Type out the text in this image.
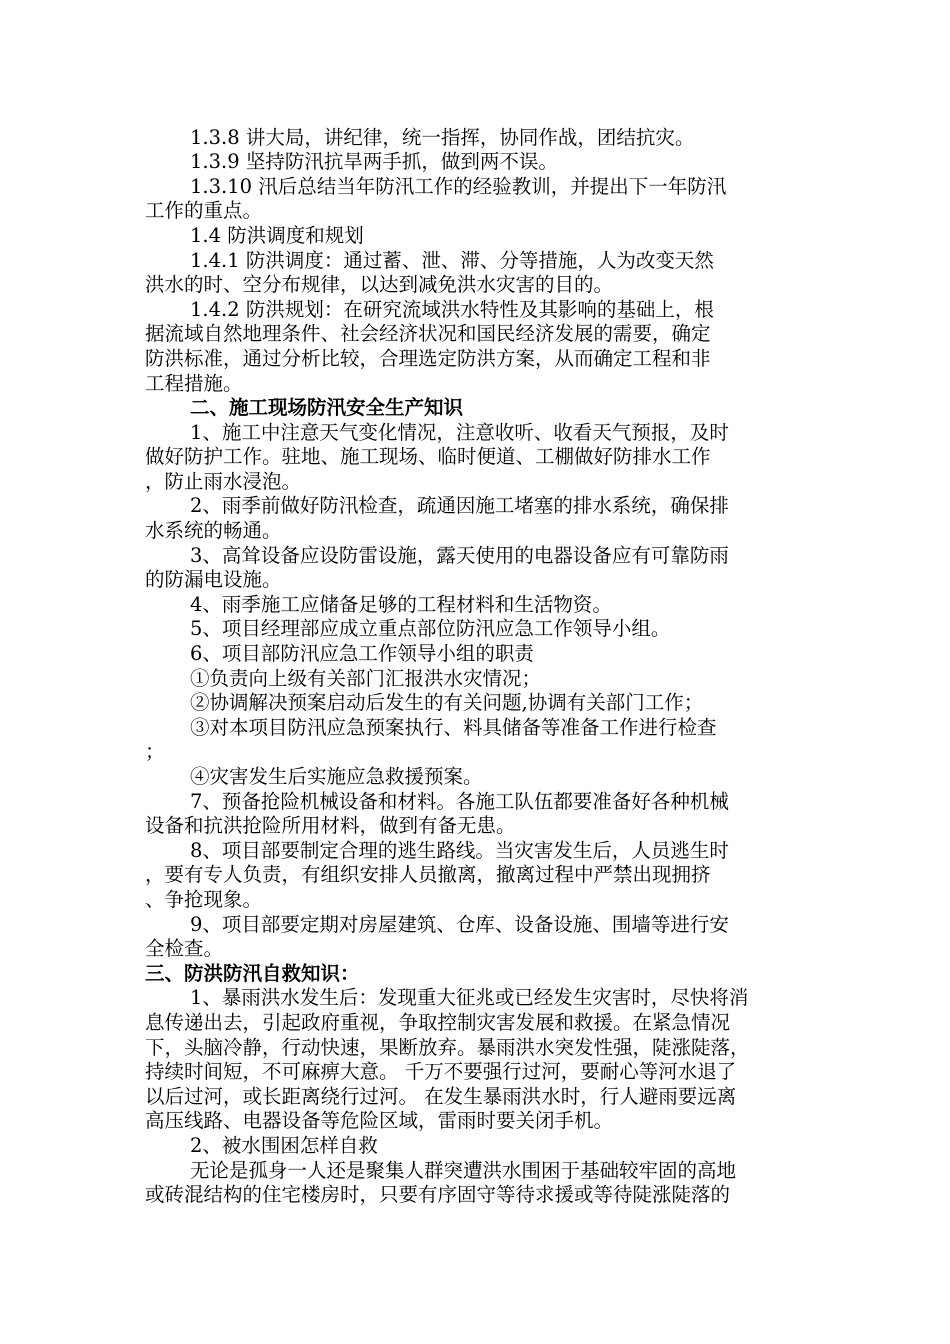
1.3.8 讲大局，讲纪律，统一指挥，协同作战，团结抗灾。
1.3.9 坚持防汛抗旱两手抓，做到两不误。
1.3.10 汛后总结当年防汛工作的经验教训，并提出下一年防汛
工作的重点。
1.4 防洪调度和规划
1.4.1 防洪调度：通过蓄、泄、滞、分等措施，人为改变天然
洪水的时、空分布规律，以达到减免洪水灾害的目的。
1.4.2 防洪规划：在研究流域洪水特性及其影响的基础上，根
据流域自然地理条件、社会经济状况和国民经济发展的需要，确定
防洪标准，通过分析比较，合理选定防洪方案，从而确定工程和非
工程措施。
二、施工现场防汛安全生产知识
1、施工中注意天气变化情况，注意收听、收看天气预报，及时
做好防护工作。驻地、施工现场、临时便道、工棚做好防排水工作
，防止雨水浸泡。
2、雨季前做好防汛检查，疏通因施工堵塞的排水系统，确保排
水系统的畅通。
3、高耸设备应设防雷设施，露天使用的电器设备应有可靠防雨
的防漏电设施。
4、雨季施工应储备足够的工程材料和生活物资。
5、项目经理部应成立重点部位防汛应急工作领导小组。
6、项目部防汛应急工作领导小组的职责
①负责向上级有关部门汇报洪水灾情况；
②协调解决预案启动后发生的有关问题,协调有关部门工作；
③对本项目防汛应急预案执行、料具储备等准备工作进行检查
；
④灾害发生后实施应急救援预案。
7、预备抢险机械设备和材料。各施工队伍都要准备好各种机械
设备和抗洪抢险所用材料，做到有备无患。
8、项目部要制定合理的逃生路线。当灾害发生后，人员逃生时
，要有专人负责，有组织安排人员撤离，撤离过程中严禁出现拥挤
、争抢现象。
9、项目部要定期对房屋建筑、仓库、设备设施、围墙等进行安
全检查。
三、防洪防汛自救知识：
1、暴雨洪水发生后：发现重大征兆或已经发生灾害时，尽快将消
息传递出去，引起政府重视，争取控制灾害发展和救援。在紧急情况
下，头脑冷静，行动快速，果断放弃。暴雨洪水突发性强，陡涨陡落，
持续时间短，不可麻痹大意。 千万不要强行过河，要耐心等河水退了
以后过河，或长距离绕行过河。 在发生暴雨洪水时，行人避雨要远离
高压线路、电器设备等危险区域，雷雨时要关闭手机。
2、被水围困怎样自救
无论是孤身一人还是聚集人群突遭洪水围困于基础较牢固的高地
或砖混结构的住宅楼房时，只要有序固守等待求援或等待陡涨陡落的
